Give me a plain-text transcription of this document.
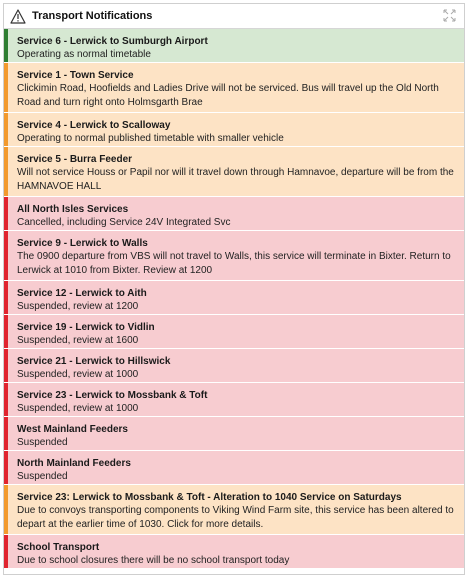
Transport Notifications
Service 6 - Lerwick to Sumburgh Airport
Operating as normal timetable
Service 1 - Town Service
Clickimin Road, Hoofields and Ladies Drive will not be serviced. Bus will travel up the Old North Road and turn right onto Holmsgarth Brae
Service 4 - Lerwick to Scalloway
Operating to normal published timetable with smaller vehicle
Service 5 - Burra Feeder
Will not service Houss or Papil nor will it travel down through Hamnavoe, departure will be from the HAMNAVOE HALL
All North Isles Services
Cancelled, including Service 24V Integrated Svc
Service 9 - Lerwick to Walls
The 0900 departure from VBS will not travel to Walls, this service will terminate in Bixter. Return to Lerwick at 1010 from Bixter. Review at 1200
Service 12 - Lerwick to Aith
Suspended, review at 1200
Service 19 - Lerwick to Vidlin
Suspended, review at 1600
Service 21 - Lerwick to Hillswick
Suspended, review at 1000
Service 23 - Lerwick to Mossbank & Toft
Suspended, review at 1000
West Mainland Feeders
Suspended
North Mainland Feeders
Suspended
Service 23: Lerwick to Mossbank & Toft - Alteration to 1040 Service on Saturdays
Due to convoys transporting components to Viking Wind Farm site, this service has been altered to depart at the earlier time of 1030. Click for more details.
School Transport
Due to school closures there will be no school transport today
